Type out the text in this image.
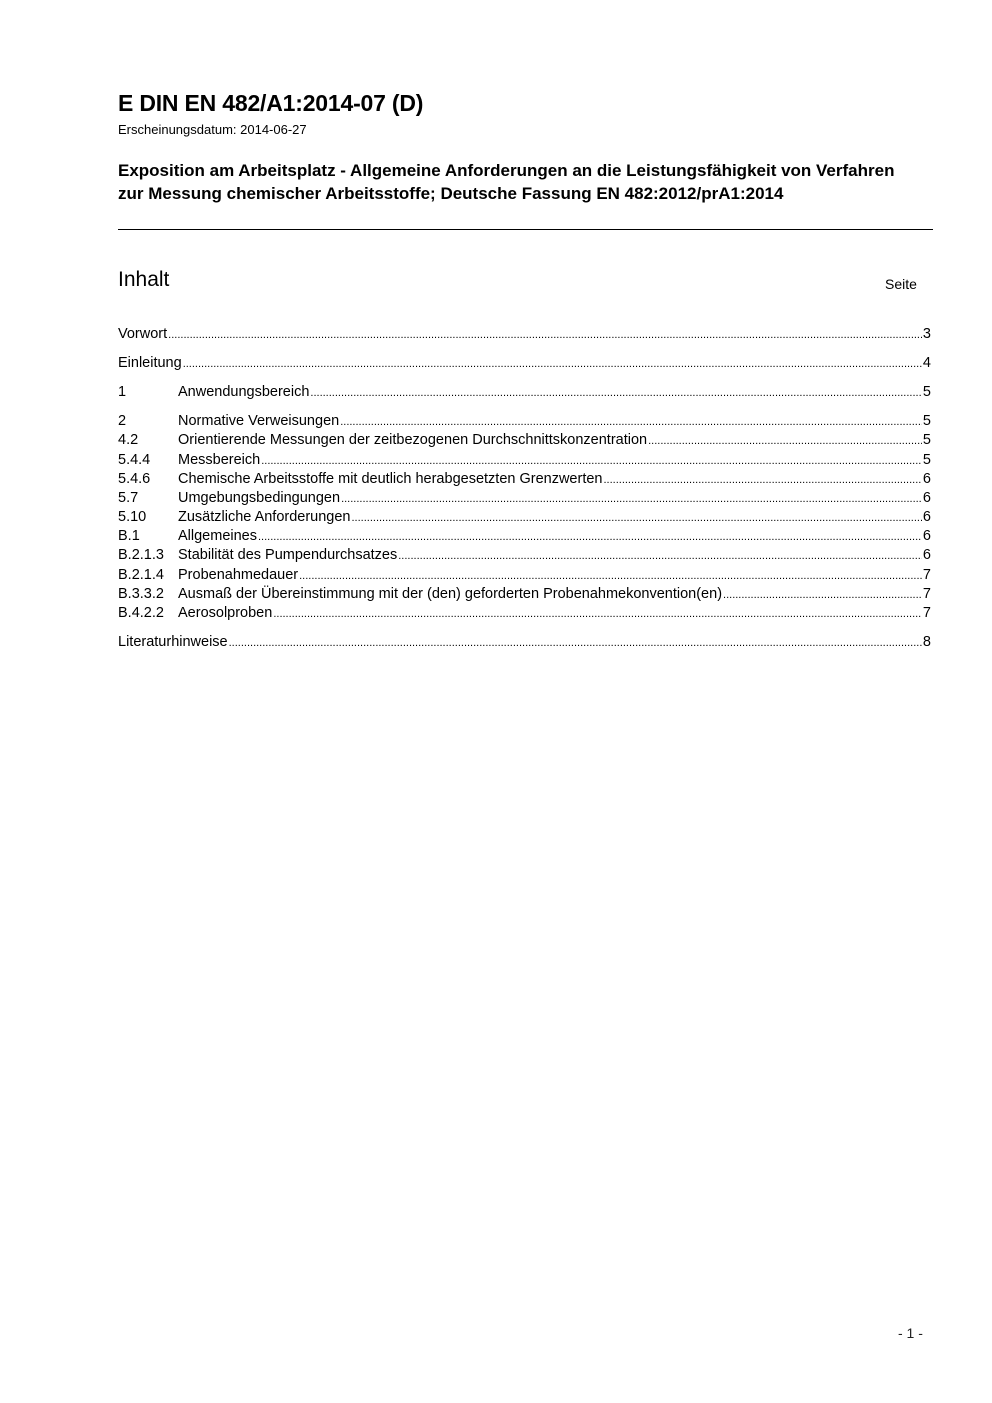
E DIN EN 482/A1:2014-07 (D)
Erscheinungsdatum: 2014-06-27

Exposition am Arbeitsplatz - Allgemeine Anforderungen an die Leistungsfähigkeit von Verfahren zur Messung chemischer Arbeitsstoffe; Deutsche Fassung EN 482:2012/prA1:2014

Inhalt	Seite
Vorwort .....	3
Einleitung .....	4
1	Anwendungsbereich .....	5
2	Normative Verweisungen .....	5
4.2	Orientierende Messungen der zeitbezogenen Durchschnittskonzentration .....	5
5.4.4	Messbereich .....	5
5.4.6	Chemische Arbeitsstoffe mit deutlich herabgesetzten Grenzwerten .....	6
5.7	Umgebungsbedingungen .....	6
5.10	Zusätzliche Anforderungen .....	6
B.1	Allgemeines .....	6
B.2.1.3 Stabilität des Pumpendurchsatzes .....	6
B.2.1.4 Probenahmedauer .....	7
B.3.3.2 Ausmaß der Übereinstimmung mit der (den) geforderten Probenahmekonvention(en) .....	7
B.4.2.2 Aerosolproben .....	7
Literaturhinweise .....	8
- 1 -
